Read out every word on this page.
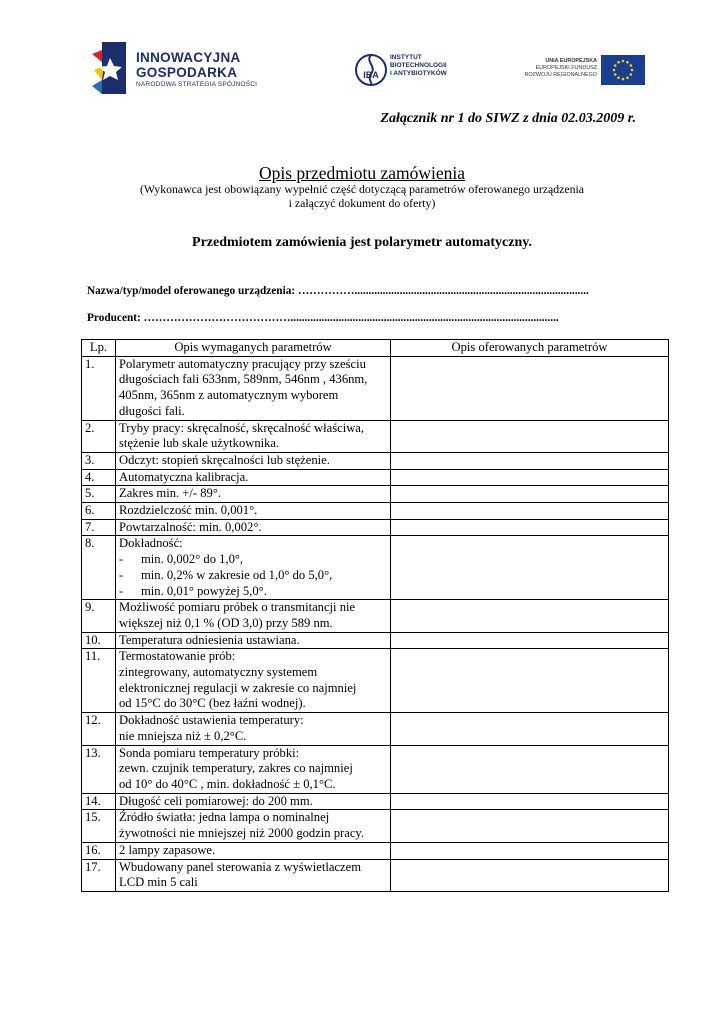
INNOWACYJNA
GOSPODARKA
NARODOWA STRATEGIA SPÓJNOŚCI
IBA
INSTYTUT
BIOTECHNOLOGII
I ANTYBIOTYKÓW
UNIA EUROPEJSKA
EUROPEJSKI FUNDUSZ
ROZWOJU REGIONALNEGO
Załącznik nr 1 do SIWZ z dnia 02.03.2009 r.
Opis przedmiotu zamówienia
(Wykonawca jest obowiązany wypełnić część dotyczącą parametrów oferowanego urządzenia
i załączyć dokument do oferty)
Przedmiotem zamówienia jest polarymetr automatyczny.
Nazwa/typ/model oferowanego urządzenia: ……………...................................................................................
Producent: …………………………………...............................................................................................
Lp.	Opis wymaganych parametrów	Opis oferowanych parametrów
1.	Polarymetr automatyczny pracujący przy sześciu
długościach fali 633nm, 589nm, 546nm , 436nm,
405nm, 365nm z automatycznym wyborem
długości fali.	

2.	Tryby pracy: skręcalność, skręcalność właściwa,
stężenie lub skale użytkownika.	

3.	Odczyt: stopień skręcalności lub stężenie.	

4.	Automatyczna kalibracja.	

5.	Zakres min. +/- 89°.	

6.	Rozdzielczość min. 0,001°.	

7.	Powtarzalność: min. 0,002°.	

8.	Dokładność:
- min. 0,002° do 1,0°,
- min. 0,2% w zakresie od 1,0° do 5,0°,
- min. 0,01° powyżej 5,0°.	

9.	Możliwość pomiaru próbek o transmitancji nie
większej niż 0,1 % (OD 3,0) przy 589 nm.	

10.	Temperatura odniesienia ustawiana.	

11.	Termostatowanie prób:
zintegrowany, automatyczny systemem
elektronicznej regulacji w zakresie co najmniej
od 15°C do 30°C (bez łaźni wodnej).	

12.	Dokładność ustawienia temperatury:
nie mniejsza niż ± 0,2°C.	

13.	Sonda pomiaru temperatury próbki:
zewn. czujnik temperatury, zakres co najmniej
od 10° do 40°C , min. dokładność ± 0,1°C.	

14.	Długość celi pomiarowej: do 200 mm.	

15.	Źródło światła: jedna lampa o nominalnej
żywotności nie mniejszej niż 2000 godzin pracy.	

16.	2 lampy zapasowe.	

17.	Wbudowany panel sterowania z wyświetlaczem
LCD min 5 cali	
